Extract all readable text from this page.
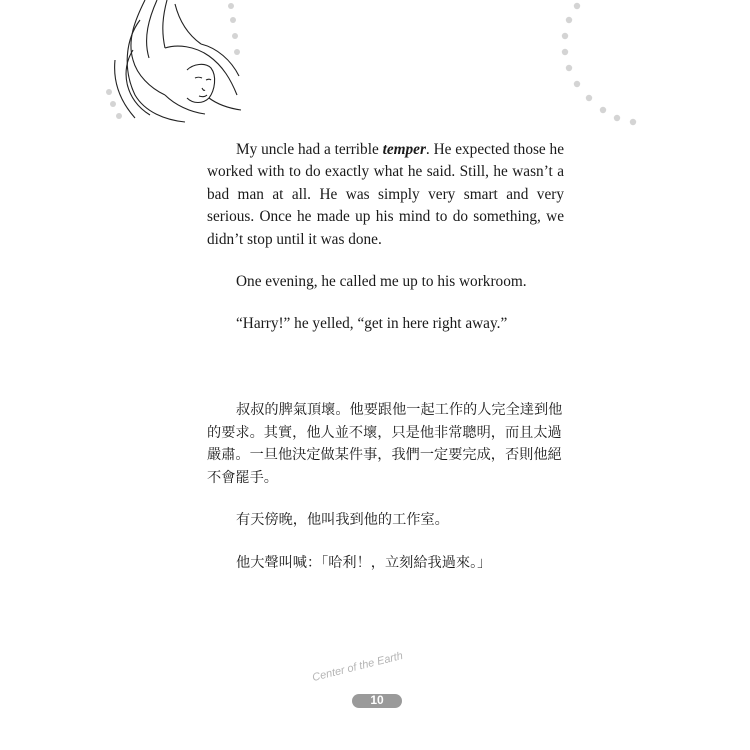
My uncle had a terrible temper. He expected those he worked with to do exactly what he said. Still, he wasn’t a bad man at all. He was simply very smart and very serious. Once he made up his mind to do something, we didn’t stop until it was done.

One evening, he called me up to his workroom.

“Harry!” he yelled, “get in here right away.”

叔叔的脾氣頂壞。他要跟他一起工作的人完全達到他的要求。其實，他人並不壞，只是他非常聰明，而且太過嚴肅。一旦他決定做某件事，我們一定要完成，否則他絕不會罷手。

有天傍晚，他叫我到他的工作室。

他大聲叫喊：「哈利！，立刻給我過來。」

Center of the Earth
10
